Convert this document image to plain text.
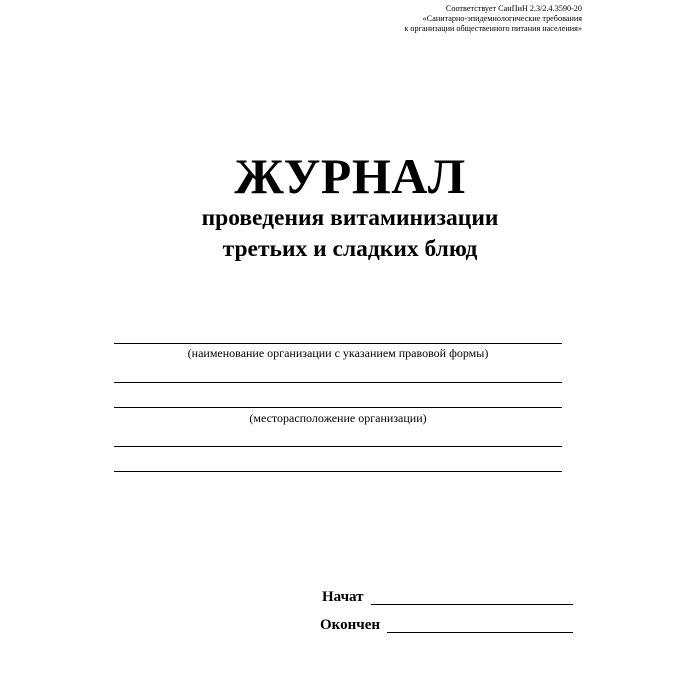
Соответствует СанПиН 2.3/2.4.3590-20
«Санитарно-эпидемиологические требования
к организации общественного питания населения»
ЖУРНАЛ
проведения витаминизации
третьих и сладких блюд
(наименование организации с указанием правовой формы)
(месторасположение организации)
Начат
Окончен
